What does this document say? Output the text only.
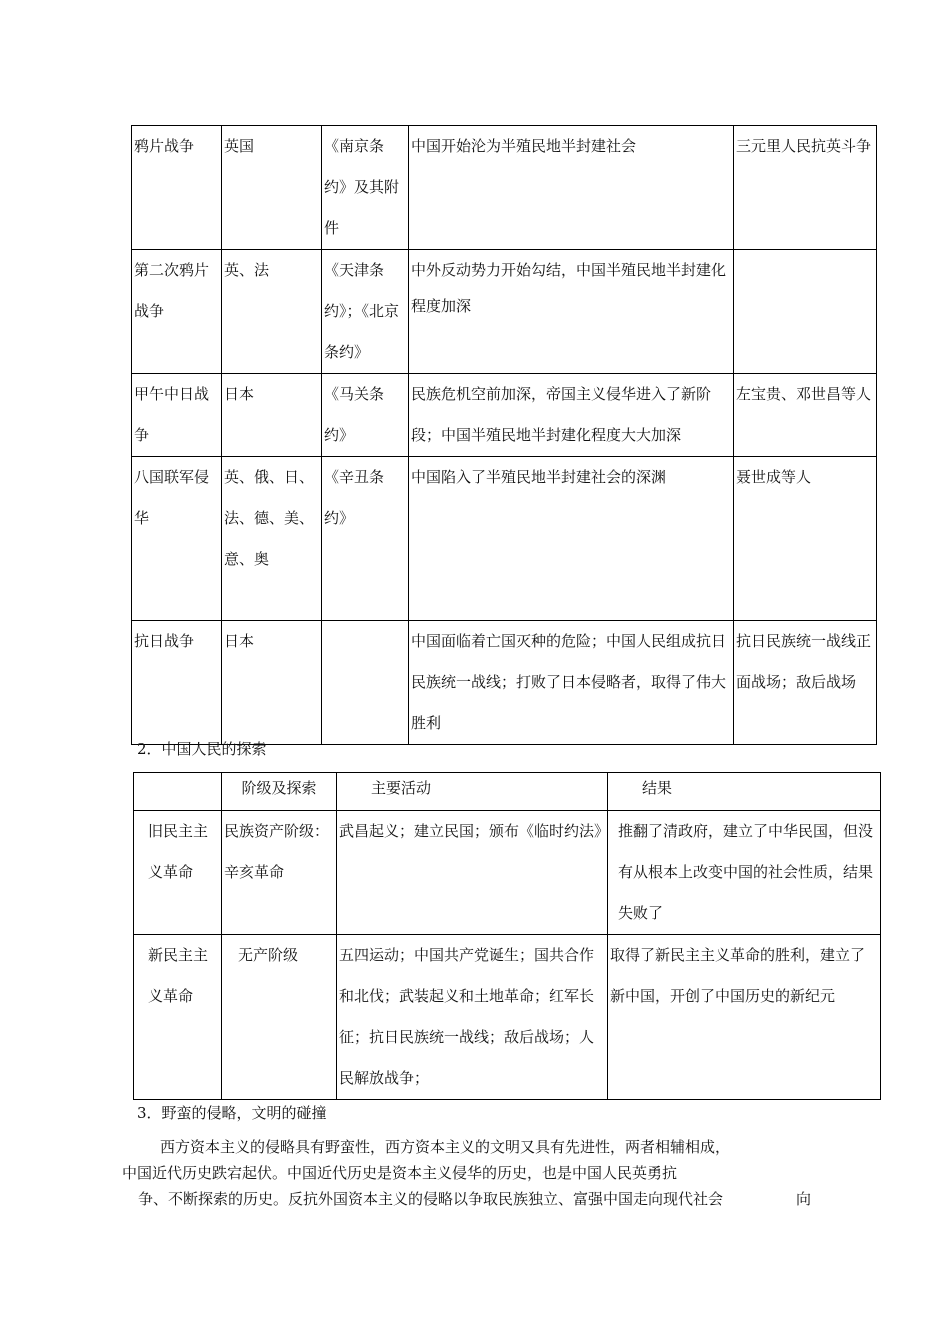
鸦片战争	英国	《南京条约》及其附件	中国开始沦为半殖民地半封建社会	三元里人民抗英斗争
第二次鸦片战争	英、法	《天津条约》；《北京条约》	中外反动势力开始勾结，中国半殖民地半封建化程度加深	
甲午中日战争	日本	《马关条约》	民族危机空前加深，帝国主义侵华进入了新阶段；中国半殖民地半封建化程度大大加深	左宝贵、邓世昌等人
八国联军侵华	英、俄、日、法、德、美、意、奥	《辛丑条约》	中国陷入了半殖民地半封建社会的深渊	聂世成等人
抗日战争	日本		中国面临着亡国灭种的危险；中国人民组成抗日民族统一战线；打败了日本侵略者，取得了伟大胜利	抗日民族统一战线正面战场；敌后战场
2．中国人民的探索
	阶级及探索	主要活动	结果
旧民主主义革命	民族资产阶级： 辛亥革命	武昌起义；建立民国；颁布《临时约法》	推翻了清政府，建立了中华民国，但没有从根本上改变中国的社会性质，结果失败了
新民主主义革命	无产阶级	五四运动；中国共产党诞生；国共合作和北伐；武装起义和土地革命；红军长征；抗日民族统一战线；敌后战场；人民解放战争；	取得了新民主主义革命的胜利，建立了新中国，开创了中国历史的新纪元
3．野蛮的侵略，文明的碰撞
西方资本主义的侵略具有野蛮性，西方资本主义的文明又具有先进性，两者相辅相成，
中国近代历史跌宕起伏。中国近代历史是资本主义侵华的历史，也是中国人民英勇抗
争、不断探索的历史。反抗外国资本主义的侵略以争取民族独立、富强中国走向现代社会	向
